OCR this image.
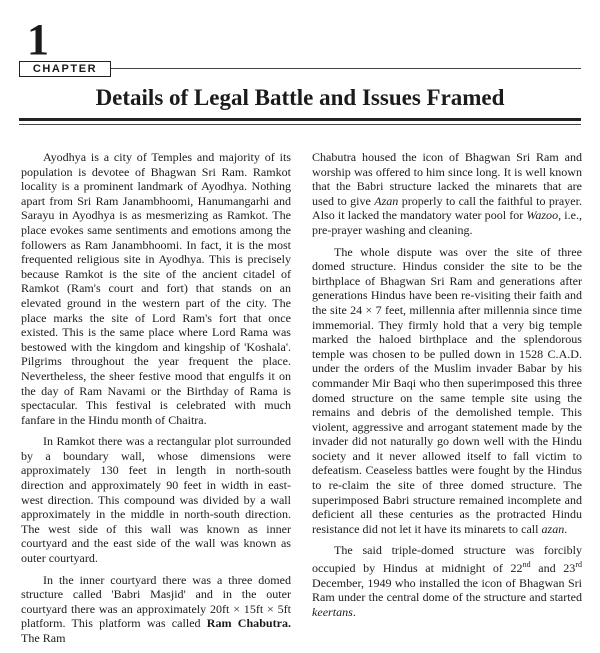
1
CHAPTER
Details of Legal Battle and Issues Framed

Ayodhya is a city of Temples and majority of its population is devotee of Bhagwan Sri Ram. Ramkot locality is a prominent landmark of Ayodhya. Nothing apart from Sri Ram Janambhoomi, Hanumangarhi and Sarayu in Ayodhya is as mesmerizing as Ramkot. The place evokes same sentiments and emotions among the followers as Ram Janambhoomi. In fact, it is the most frequented religious site in Ayodhya. This is precisely because Ramkot is the site of the ancient citadel of Ramkot (Ram's court and fort) that stands on an elevated ground in the western part of the city. The place marks the site of Lord Ram's fort that once existed. This is the same place where Lord Rama was bestowed with the kingdom and kingship of 'Koshala'. Pilgrims throughout the year frequent the place. Nevertheless, the sheer festive mood that engulfs it on the day of Ram Navami or the Birthday of Rama is spectacular. This festival is celebrated with much fanfare in the Hindu month of Chaitra.

In Ramkot there was a rectangular plot surrounded by a boundary wall, whose dimensions were approximately 130 feet in length in north-south direction and approximately 90 feet in width in east-west direction. This compound was divided by a wall approximately in the middle in north-south direction. The west side of this wall was known as inner courtyard and the east side of the wall was known as outer courtyard.

In the inner courtyard there was a three domed structure called 'Babri Masjid' and in the outer courtyard there was an approximately 20ft × 15ft × 5ft platform. This platform was called Ram Chabutra. The Ram

Chabutra housed the icon of Bhagwan Sri Ram and worship was offered to him since long. It is well known that the Babri structure lacked the minarets that are used to give Azan properly to call the faithful to prayer. Also it lacked the mandatory water pool for Wazoo, i.e., pre-prayer washing and cleaning.

The whole dispute was over the site of three domed structure. Hindus consider the site to be the birthplace of Bhagwan Sri Ram and generations after generations Hindus have been re-visiting their faith and the site 24 × 7 feet, millennia after millennia since time immemorial. They firmly hold that a very big temple marked the haloed birthplace and the splendorous temple was chosen to be pulled down in 1528 C.A.D. under the orders of the Muslim invader Babar by his commander Mir Baqi who then superimposed this three domed structure on the same temple site using the remains and debris of the demolished temple. This violent, aggressive and arrogant statement made by the invader did not naturally go down well with the Hindu society and it never allowed itself to fall victim to defeatism. Ceaseless battles were fought by the Hindus to re-claim the site of three domed structure. The superimposed Babri structure remained incomplete and deficient all these centuries as the protracted Hindu resistance did not let it have its minarets to call azan.

The said triple-domed structure was forcibly occupied by Hindus at midnight of 22nd and 23rd December, 1949 who installed the icon of Bhagwan Sri Ram under the central dome of the structure and started keertans.
